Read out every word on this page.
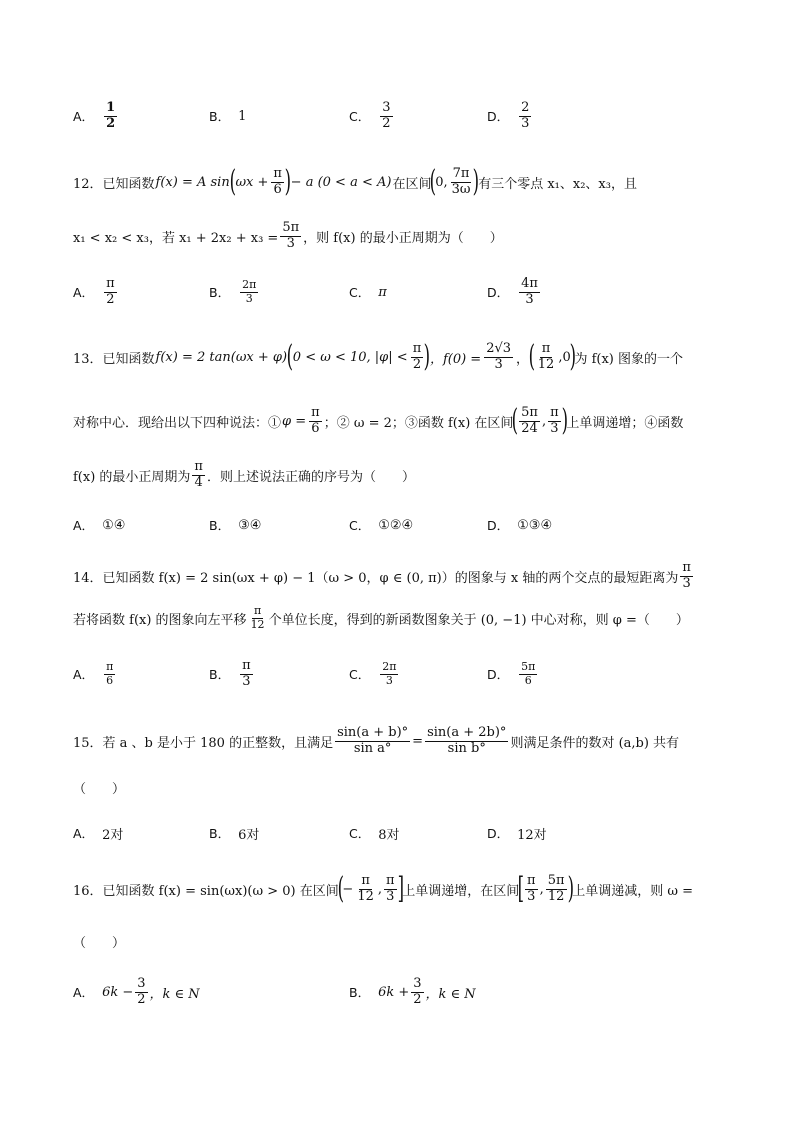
A． $\frac{1}{2}$	B． 1	C． $\frac{3}{2}$	D． $\frac{2}{3}$
12．已知函数 f(x) = A sin ( $\omega x + \frac{\pi}{6}$ ) − a (0 < a < A) 在区间
(
0, $\frac{7\pi}{3\omega}$ )
有三个零点 x₁、x₂、x₃，且
x₁ < x₂ < x₃，若 $x_1 + 2x_2 + x_3 = \frac{5\pi}{3}$ ，则 f(x) 的最小正周期为（　　）
A． $\frac{\pi}{2}$	B． $\frac{2\pi}{3}$	C． π	D． $\frac{4\pi}{3}$
13．已知函数 f(x) = 2 tan(ωx + φ) ( 0 < ω < 10, $|\varphi| < \frac{\pi}{2}$ ) ，$f(0) = \frac{2√3}{3}$ ， ( $\frac{\pi}{12} ,0$
)
为 f(x) 图象的一个
对称中心．现给出以下四种说法：① $\varphi = \frac{\pi}{6}$ ；② ω = 2；③函数 f(x) 在区间
( $\frac{5\pi}{24}$ , $\frac{\pi}{3}$ )
上单调递增；④函数
f(x) 的最小正周期为 $\frac{\pi}{4}$ ．则上述说法正确的序号为（　　）
A． ①④	B． ③④	C． ①②④	D． ①③④
14．已知函数 f(x) = 2 sin(ωx + φ) − 1（ω > 0，φ ∈ (0, π)）的图象与 x 轴的两个交点的最短距离为 $\frac{\pi}{3}$
若将函数 f(x) 的图象向左平移 $\frac{\pi}{12}$ 个单位长度，得到的新函数图象关于 (0, −1) 中心对称，则 φ =（　　）
A． $\frac{\pi}{6}$	B． $\frac{\pi}{3}$	C． $\frac{2\pi}{3}$	D． $\frac{5\pi}{6}$
15．若 a 、b 是小于 180 的正整数，且满足 $\frac{\sin(a + b)^\circ}{\text{sin a°}} = \frac{\sin(a + 2b)^\circ}{\text{sin b°}}$ 则满足条件的数对 (a,b) 共有
（　　）
A． 2对	B． 6对	C． 8对	D． 12对
16．已知函数 f(x) = sin(ωx)(ω > 0) 在区间
(
− $\frac{\pi}{12}$ , $\frac{\pi}{3}$ ]
上单调递增，在区间
[ $\frac{\pi}{3}$ , $\frac{5\pi}{12}$ )
上单调递减，则 ω =
（　　）
A． $6k - \frac{3}{2}$ ，k ∈ N	B． $6k + \frac{3}{2}$ ，k ∈ N
